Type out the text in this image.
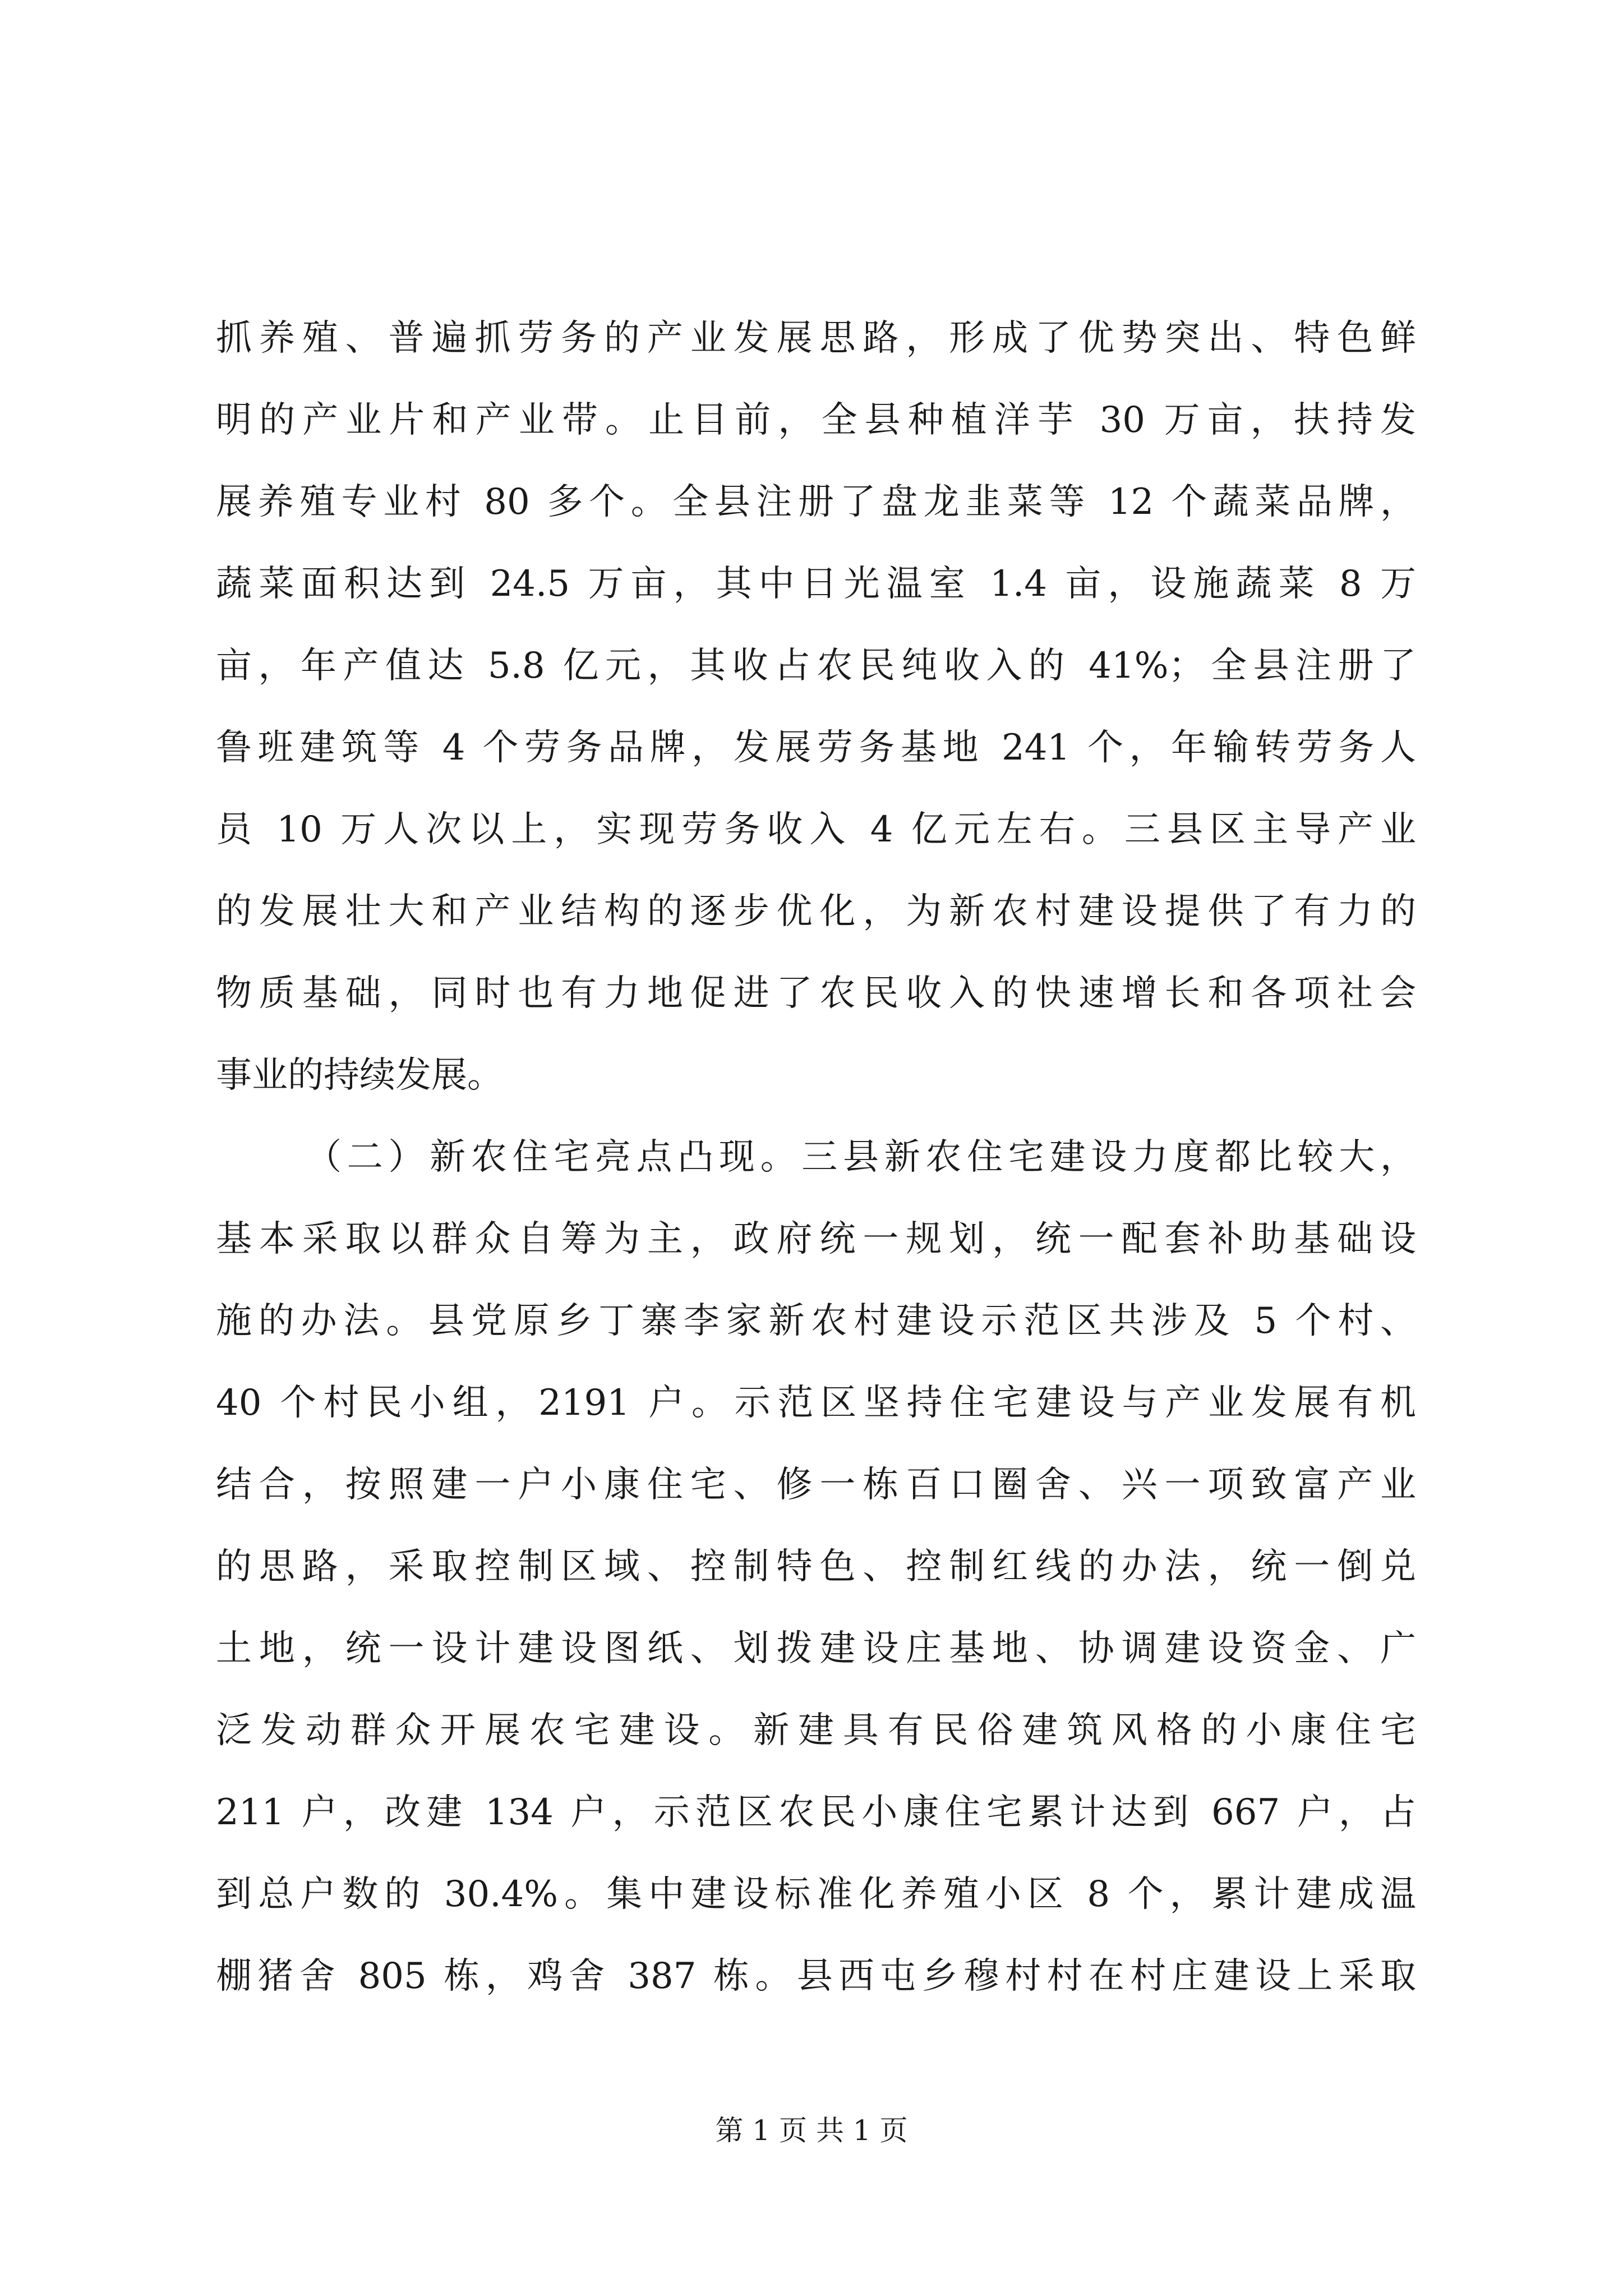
抓养殖、普遍抓劳务的产业发展思路，形成了优势突出、特色鲜
明的产业片和产业带。止目前，全县种植洋芋 30 万亩，扶持发
展养殖专业村 80 多个。全县注册了盘龙韭菜等 12 个蔬菜品牌，
蔬菜面积达到 24.5 万亩，其中日光温室 1.4 亩，设施蔬菜 8 万
亩，年产值达 5.8 亿元，其收占农民纯收入的 41%；全县注册了
鲁班建筑等 4 个劳务品牌，发展劳务基地 241 个，年输转劳务人
员 10 万人次以上，实现劳务收入 4 亿元左右。三县区主导产业
的发展壮大和产业结构的逐步优化，为新农村建设提供了有力的
物质基础，同时也有力地促进了农民收入的快速增长和各项社会
事业的持续发展。
（二）新农住宅亮点凸现。三县新农住宅建设力度都比较大，
基本采取以群众自筹为主，政府统一规划，统一配套补助基础设
施的办法。县党原乡丁寨李家新农村建设示范区共涉及 5 个村、
40 个村民小组，2191 户。示范区坚持住宅建设与产业发展有机
结合，按照建一户小康住宅、修一栋百口圈舍、兴一项致富产业
的思路，采取控制区域、控制特色、控制红线的办法，统一倒兑
土地，统一设计建设图纸、划拨建设庄基地、协调建设资金、广
泛发动群众开展农宅建设。新建具有民俗建筑风格的小康住宅
211 户，改建 134 户，示范区农民小康住宅累计达到 667 户，占
到总户数的 30.4%。集中建设标准化养殖小区 8 个，累计建成温
棚猪舍 805 栋，鸡舍 387 栋。县西屯乡穆村村在村庄建设上采取
第 1 页 共 1 页
